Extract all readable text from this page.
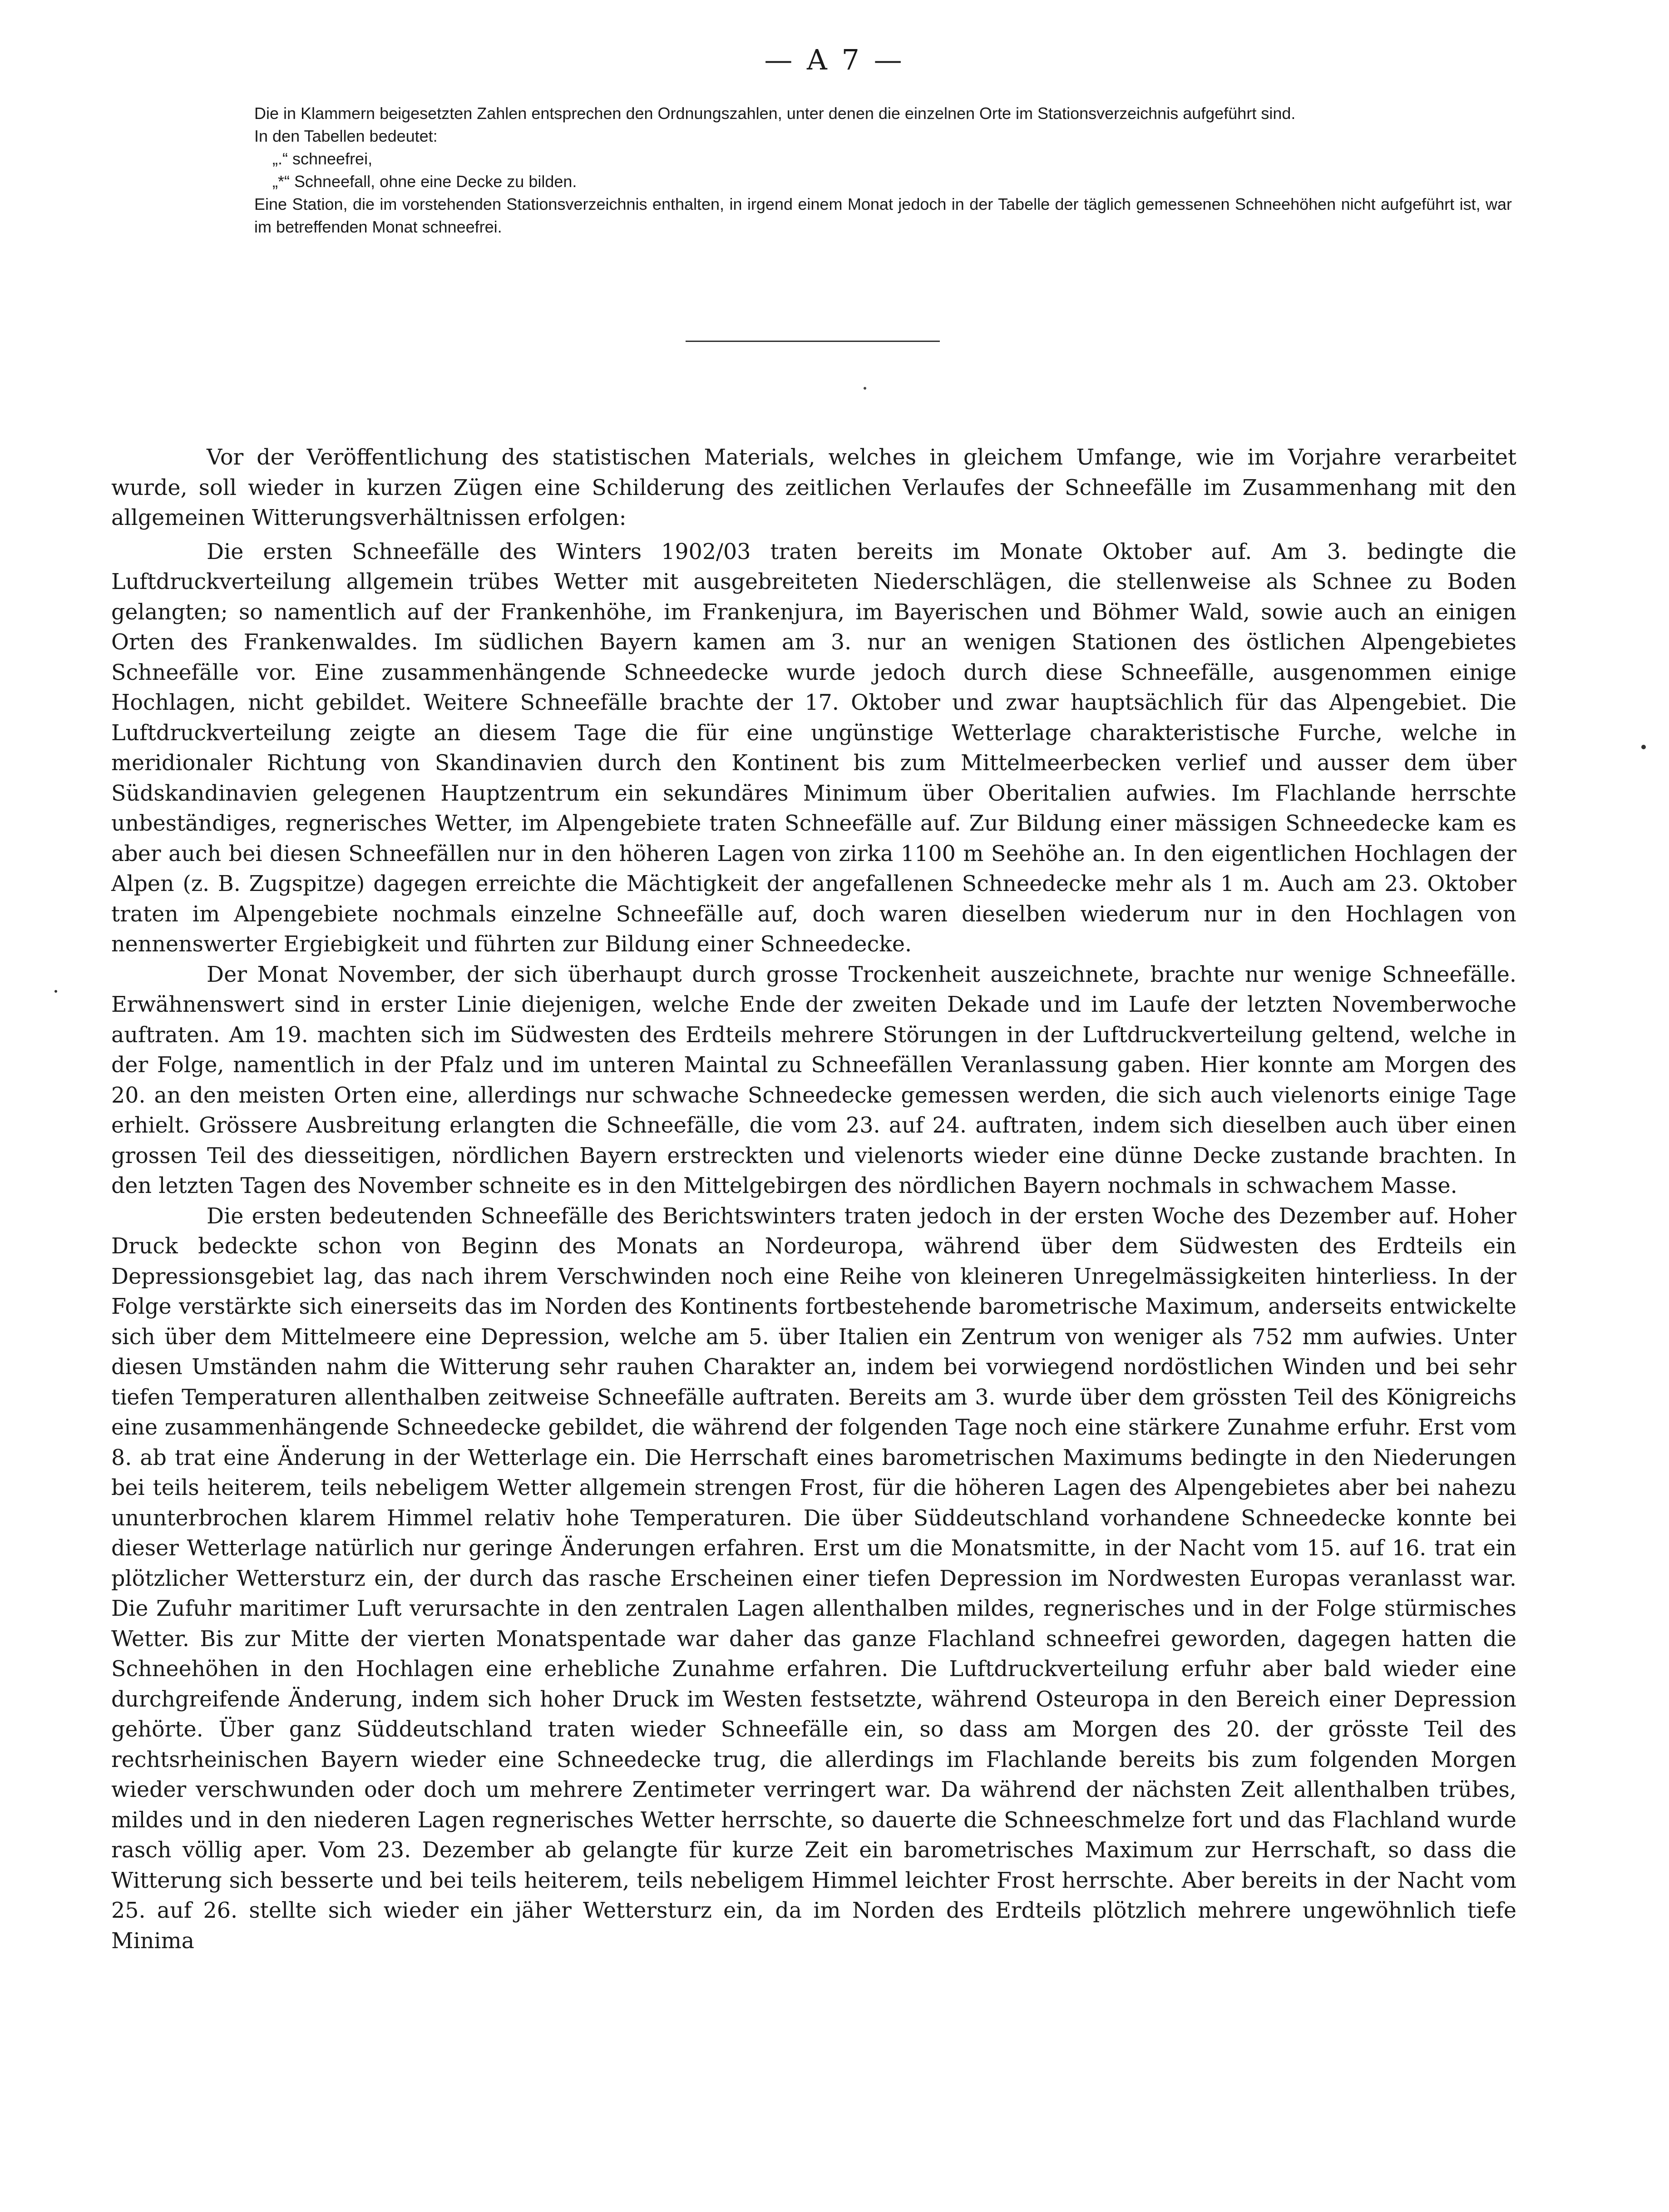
— A 7 —

Die in Klammern beigesetzten Zahlen entsprechen den Ordnungszahlen, unter denen die einzelnen Orte im Stationsverzeichnis aufgeführt sind.

In den Tabellen bedeutet:

„.“ schneefrei,

„*“ Schneefall, ohne eine Decke zu bilden.

Eine Station, die im vorstehenden Stationsverzeichnis enthalten, in irgend einem Monat jedoch in der Tabelle der täglich gemessenen Schneehöhen nicht aufgeführt ist, war im betreffenden Monat schneefrei.

Vor der Veröffentlichung des statistischen Materials, welches in gleichem Umfange, wie im Vorjahre verarbeitet wurde, soll wieder in kurzen Zügen eine Schilderung des zeitlichen Verlaufes der Schneefälle im Zusammenhang mit den allgemeinen Witterungsverhältnissen erfolgen:

Die ersten Schneefälle des Winters 1902/03 traten bereits im Monate Oktober auf. Am 3. bedingte die Luftdruckverteilung allgemein trübes Wetter mit ausgebreiteten Niederschlägen, die stellenweise als Schnee zu Boden gelangten; so namentlich auf der Frankenhöhe, im Frankenjura, im Bayerischen und Böhmer Wald, sowie auch an einigen Orten des Frankenwaldes. Im südlichen Bayern kamen am 3. nur an wenigen Stationen des östlichen Alpengebietes Schneefälle vor. Eine zusammenhängende Schneedecke wurde jedoch durch diese Schneefälle, ausgenommen einige Hochlagen, nicht gebildet. Weitere Schneefälle brachte der 17. Oktober und zwar hauptsächlich für das Alpengebiet. Die Luftdruckverteilung zeigte an diesem Tage die für eine ungünstige Wetterlage charakteristische Furche, welche in meridionaler Richtung von Skandinavien durch den Kontinent bis zum Mittelmeerbecken verlief und ausser dem über Südskandinavien gelegenen Hauptzentrum ein sekundäres Minimum über Oberitalien aufwies. Im Flachlande herrschte unbeständiges, regnerisches Wetter, im Alpengebiete traten Schneefälle auf. Zur Bildung einer mässigen Schneedecke kam es aber auch bei diesen Schneefällen nur in den höheren Lagen von zirka 1100 m Seehöhe an. In den eigentlichen Hochlagen der Alpen (z. B. Zugspitze) dagegen erreichte die Mächtigkeit der angefallenen Schneedecke mehr als 1 m. Auch am 23. Oktober traten im Alpengebiete nochmals einzelne Schneefälle auf, doch waren dieselben wiederum nur in den Hochlagen von nennenswerter Ergiebigkeit und führten zur Bildung einer Schneedecke.

Der Monat November, der sich überhaupt durch grosse Trockenheit auszeichnete, brachte nur wenige Schneefälle. Erwähnenswert sind in erster Linie diejenigen, welche Ende der zweiten Dekade und im Laufe der letzten Novemberwoche auftraten. Am 19. machten sich im Südwesten des Erdteils mehrere Störungen in der Luftdruckverteilung geltend, welche in der Folge, namentlich in der Pfalz und im unteren Maintal zu Schneefällen Veranlassung gaben. Hier konnte am Morgen des 20. an den meisten Orten eine, allerdings nur schwache Schneedecke gemessen werden, die sich auch vielenorts einige Tage erhielt. Grössere Ausbreitung erlangten die Schneefälle, die vom 23. auf 24. auftraten, indem sich dieselben auch über einen grossen Teil des diesseitigen, nördlichen Bayern erstreckten und vielenorts wieder eine dünne Decke zustande brachten. In den letzten Tagen des November schneite es in den Mittelgebirgen des nördlichen Bayern nochmals in schwachem Masse.

Die ersten bedeutenden Schneefälle des Berichtswinters traten jedoch in der ersten Woche des Dezember auf. Hoher Druck bedeckte schon von Beginn des Monats an Nordeuropa, während über dem Südwesten des Erdteils ein Depressionsgebiet lag, das nach ihrem Verschwinden noch eine Reihe von kleineren Unregelmässigkeiten hinterliess. In der Folge verstärkte sich einerseits das im Norden des Kontinents fortbestehende barometrische Maximum, anderseits entwickelte sich über dem Mittelmeere eine Depression, welche am 5. über Italien ein Zentrum von weniger als 752 mm aufwies. Unter diesen Umständen nahm die Witterung sehr rauhen Charakter an, indem bei vorwiegend nordöstlichen Winden und bei sehr tiefen Temperaturen allenthalben zeitweise Schneefälle auftraten. Bereits am 3. wurde über dem grössten Teil des Königreichs eine zusammenhängende Schneedecke gebildet, die während der folgenden Tage noch eine stärkere Zunahme erfuhr. Erst vom 8. ab trat eine Änderung in der Wetterlage ein. Die Herrschaft eines barometrischen Maximums bedingte in den Niederungen bei teils heiterem, teils nebeligem Wetter allgemein strengen Frost, für die höheren Lagen des Alpengebietes aber bei nahezu ununterbrochen klarem Himmel relativ hohe Temperaturen. Die über Süddeutschland vorhandene Schneedecke konnte bei dieser Wetterlage natürlich nur geringe Änderungen erfahren. Erst um die Monatsmitte, in der Nacht vom 15. auf 16. trat ein plötzlicher Wettersturz ein, der durch das rasche Erscheinen einer tiefen Depression im Nordwesten Europas veranlasst war. Die Zufuhr maritimer Luft verursachte in den zentralen Lagen allenthalben mildes, regnerisches und in der Folge stürmisches Wetter. Bis zur Mitte der vierten Monatspentade war daher das ganze Flachland schneefrei geworden, dagegen hatten die Schneehöhen in den Hochlagen eine erhebliche Zunahme erfahren. Die Luftdruckverteilung erfuhr aber bald wieder eine durchgreifende Änderung, indem sich hoher Druck im Westen festsetzte, während Osteuropa in den Bereich einer Depression gehörte. Über ganz Süddeutschland traten wieder Schneefälle ein, so dass am Morgen des 20. der grösste Teil des rechtsrheinischen Bayern wieder eine Schneedecke trug, die allerdings im Flachlande bereits bis zum folgenden Morgen wieder verschwunden oder doch um mehrere Zentimeter verringert war. Da während der nächsten Zeit allenthalben trübes, mildes und in den niederen Lagen regnerisches Wetter herrschte, so dauerte die Schneeschmelze fort und das Flachland wurde rasch völlig aper. Vom 23. Dezember ab gelangte für kurze Zeit ein barometrisches Maximum zur Herrschaft, so dass die Witterung sich besserte und bei teils heiterem, teils nebeligem Himmel leichter Frost herrschte. Aber bereits in der Nacht vom 25. auf 26. stellte sich wieder ein jäher Wettersturz ein, da im Norden des Erdteils plötzlich mehrere ungewöhnlich tiefe Minima
